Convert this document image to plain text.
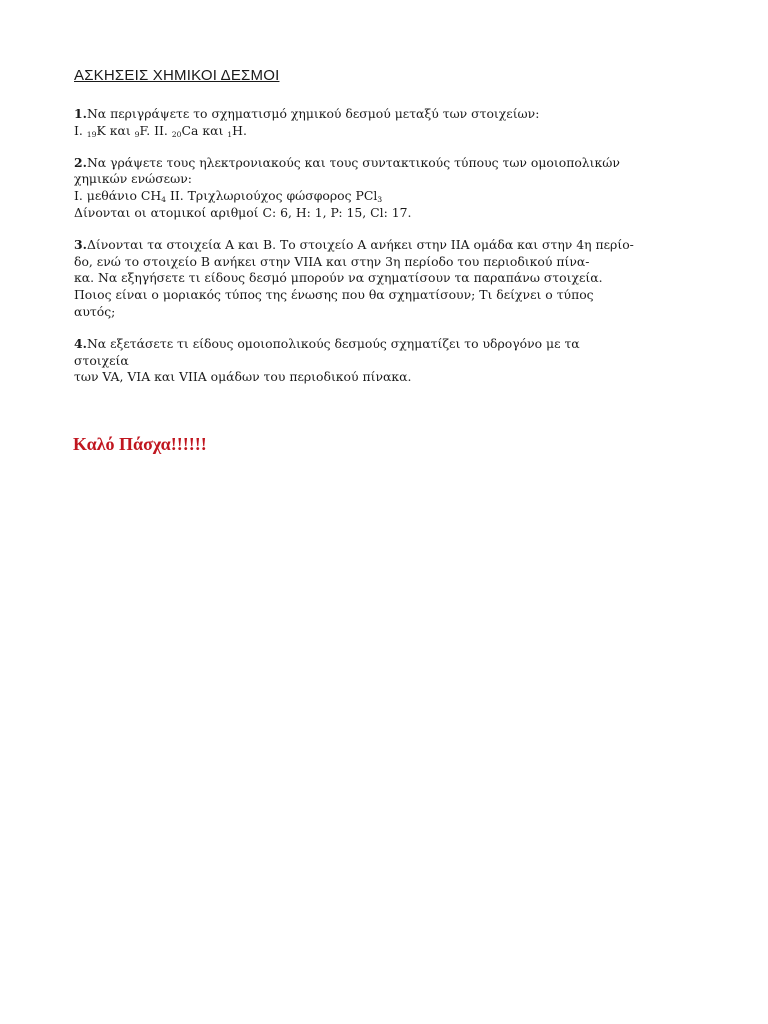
ΑΣΚΗΣΕΙΣ ΧΗΜΙΚΟΙ ΔΕΣΜΟΙ

1.Να περιγράψετε το σχηματισμό χημικού δεσμού μεταξύ των στοιχείων:

I. $_{19}$K και $_9$F. II. $_{20}$Ca και $_1$H.

2.Να γράψετε τους ηλεκτρονιακούς και τους συντακτικούς τύπους των ομοιοπολικών

χημικών ενώσεων:

I. μεθάνιο $CH_4$ II. Τριχλωριούχος φώσφορος PCl$_3$

Δίνονται οι ατομικοί αριθμοί C: 6, H: 1, P: 15, Cl: 17.

3.Δίνονται τα στοιχεία A και B. Το στοιχείο A ανήκει στην IIA ομάδα και στην 4η περίο-

δο, ενώ το στοιχείο B ανήκει στην VIIA και στην 3η περίοδο του περιοδικού πίνα-

κα. Να εξηγήσετε τι είδους δεσμό μπορούν να σχηματίσουν τα παραπάνω στοιχεία.

Ποιος είναι ο μοριακός τύπος της ένωσης που θα σχηματίσουν; Τι δείχνει ο τύπος

αυτός;

4.Να εξετάσετε τι είδους ομοιοπολικούς δεσμούς σχηματίζει το υδρογόνο με τα στοιχεία

των VA, VIA και VIIA ομάδων του περιοδικού πίνακα.

Καλό Πάσχα!!!!!!
